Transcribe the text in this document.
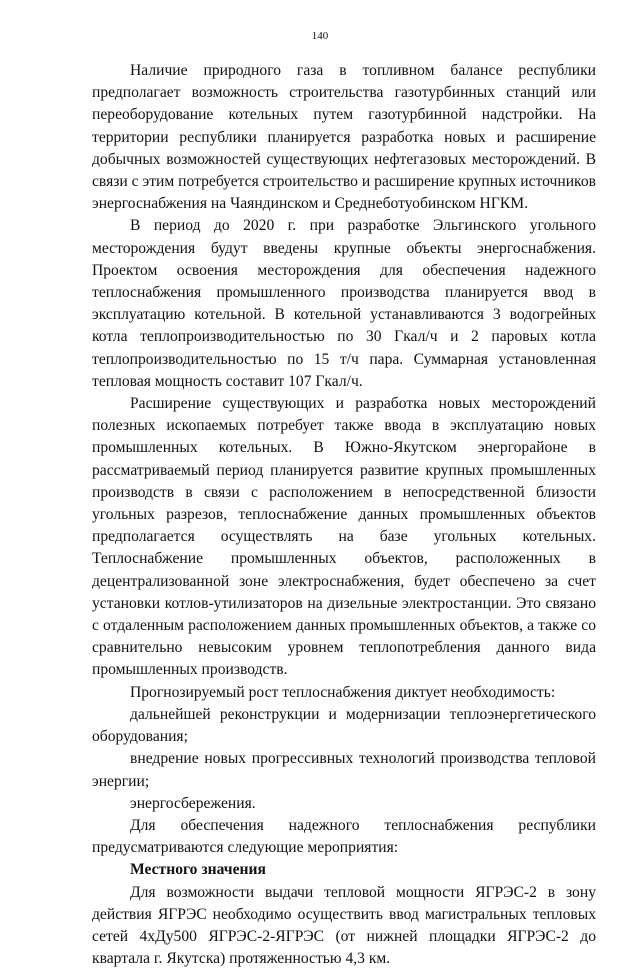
140

Наличие природного газа в топливном балансе республики предполагает возможность строительства газотурбинных станций или переоборудование котельных путем газотурбинной надстройки. На территории республики планируется разработка новых и расширение добычных возможностей существующих нефтегазовых месторождений. В связи с этим потребуется строительство и расширение крупных источников энергоснабжения на Чаяндинском и Среднеботуобинском НГКМ.

В период до 2020 г. при разработке Эльгинского угольного месторождения будут введены крупные объекты энергоснабжения. Проектом освоения месторождения для обеспечения надежного теплоснабжения промышленного производства планируется ввод в эксплуатацию котельной. В котельной устанавливаются 3 водогрейных котла теплопроизводительностью по 30 Гкал/ч и 2 паровых котла теплопроизводительностью по 15 т/ч пара. Суммарная установленная тепловая мощность составит 107 Гкал/ч.

Расширение существующих и разработка новых месторождений полезных ископаемых потребует также ввода в эксплуатацию новых промышленных котельных. В Южно-Якутском энергорайоне в рассматриваемый период планируется развитие крупных промышленных производств в связи с расположением в непосредственной близости угольных разрезов, теплоснабжение данных промышленных объектов предполагается осуществлять на базе угольных котельных. Теплоснабжение промышленных объектов, расположенных в децентрализованной зоне электроснабжения, будет обеспечено за счет установки котлов-утилизаторов на дизельные электростанции. Это связано с отдаленным расположением данных промышленных объектов, а также со сравнительно невысоким уровнем теплопотребления данного вида промышленных производств.

Прогнозируемый рост теплоснабжения диктует необходимость:

дальнейшей реконструкции и модернизации теплоэнергетического оборудования;

внедрение новых прогрессивных технологий производства тепловой энергии;

энергосбережения.

Для обеспечения надежного теплоснабжения республики предусматриваются следующие мероприятия:

Местного значения

Для возможности выдачи тепловой мощности ЯГРЭС-2 в зону действия ЯГРЭС необходимо осуществить ввод магистральных тепловых сетей 4хДу500 ЯГРЭС-2-ЯГРЭС (от нижней площадки ЯГРЭС-2 до квартала г. Якутска) протяженностью 4,3 км.
